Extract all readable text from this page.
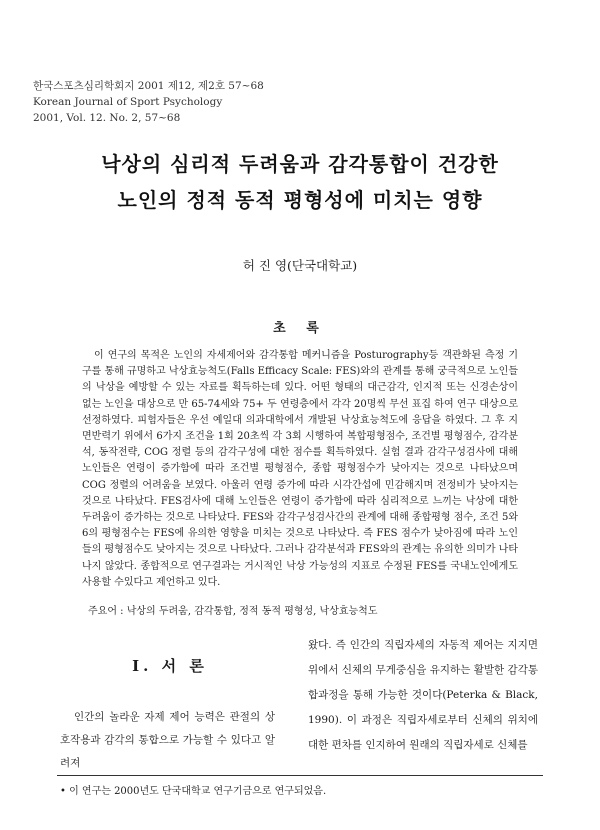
한국스포츠심리학회지 2001 제12, 제2호 57~68
Korean Journal of Sport Psychology
2001, Vol. 12. No. 2, 57~68
낙상의 심리적 두려움과 감각통합이 건강한
노인의 정적 동적 평형성에 미치는 영향
허 진 영(단국대학교)
초 록
이 연구의 목적은 노인의 자세제어와 감각통합 메커니즘을 Posturography등 객관화된 측정 기구를 통해 규명하고 낙상효능척도(Falls Efficacy Scale: FES)와의 관계를 통해 궁극적으로 노인들의 낙상을 예방할 수 있는 자료를 획득하는데 있다. 어떤 형태의 대근감각, 인지적 또는 신경손상이 없는 노인을 대상으로 만 65-74세와 75+ 두 연령층에서 각각 20명씩 무선 표집 하여 연구 대상으로 선정하였다. 피험자들은 우선 예일대 의과대학에서 개발된 낙상효능척도에 응답을 하였다. 그 후 지면반력기 위에서 6가지 조건을 1회 20초씩 각 3회 시행하여 복합평형점수, 조건별 평형점수, 감각분석, 동작전략, COG 정렬 등의 감각구성에 대한 점수를 획득하였다. 실험 결과 감각구성검사에 대해 노인들은 연령이 증가함에 따라 조건별 평형점수, 종합 평형점수가 낮아지는 것으로 나타났으며 COG 정렬의 어려움을 보였다. 아울러 연령 증가에 따라 시각간섭에 민감해지며 전정비가 낮아지는 것으로 나타났다. FES검사에 대해 노인들은 연령이 증가함에 따라 심리적으로 느끼는 낙상에 대한 두려움이 증가하는 것으로 나타났다. FES와 감각구성검사간의 관계에 대해 종합평형 점수, 조건 5와 6의 평형점수는 FES에 유의한 영향을 미치는 것으로 나타났다. 즉 FES 점수가 낮아짐에 따라 노인들의 평형점수도 낮아지는 것으로 나타났다. 그러나 감각분석과 FES와의 관계는 유의한 의미가 나타나지 않았다. 종합적으로 연구결과는 거시적인 낙상 가능성의 지표로 수정된 FES를 국내노인에게도 사용할 수있다고 제언하고 있다.
주요어 : 낙상의 두려움, 감각통합, 정적 동적 평형성, 낙상효능척도
Ⅰ. 서 론
인간의 놀라운 자제 제어 능력은 관절의 상호작용과 감각의 통합으로 가능할 수 있다고 알려져
왔다. 즉 인간의 직립자세의 자동적 제어는 지지면 위에서 신체의 무게중심을 유지하는 활발한 감각통합과정을 통해 가능한 것이다(Peterka & Black, 1990). 이 과정은 직립자세로부터 신체의 위치에 대한 편차를 인지하여 원래의 직립자세로 신체를
• 이 연구는 2000년도 단국대학교 연구기금으로 연구되었음.
